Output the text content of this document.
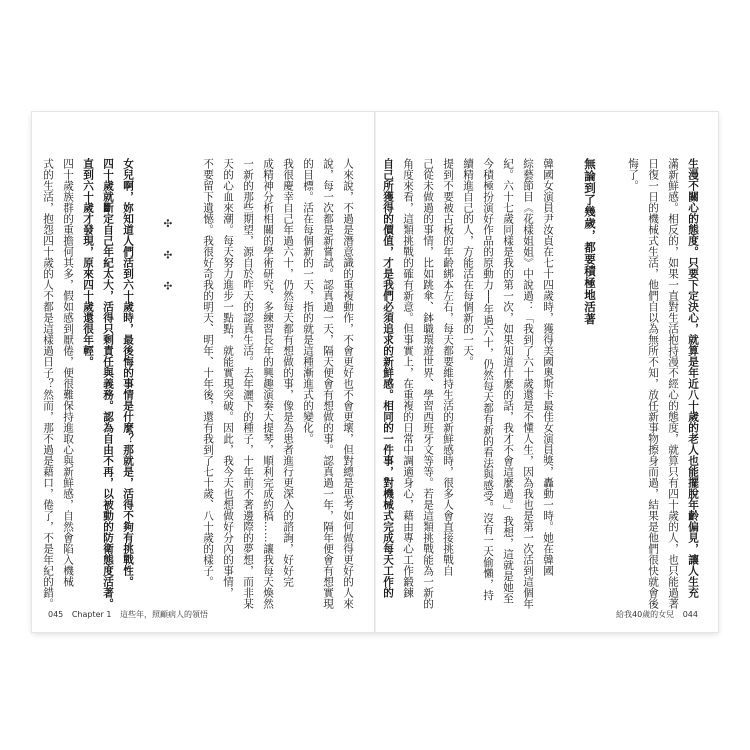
人來說，不過是潛意識的重複動作，不會更好也不會更壞，但對總是思考如何做得更好的人來
說，每一次都是新嘗試。認真過一天，隔天便會有想做的事。認真過一年，隔年便會有想實現
的目標。活在每個新的一天，指的就是這種漸進式的變化。
我很慶幸自己年過六十，仍然每天都有想做的事，像是為患者進行更深入的諮詢，好好完
成精神分析相關的學術研究、多練習長年的興趣演奏大提琴，順利完成約稿……讓我每天煥然
一新的那些期望，源自於昨天的認真生活。去年灑下的種子，十年前不著邊際的夢想，而非某
天的心血來潮。每天努力進步一點點，就能實現突破。因此，我今天也想做好分內的事情，
不要留下遺憾。我很好奇我的明天、明年、十年後，還有我到了七十歲、八十歲的樣子。
✣ ✣ ✣
女兒啊，妳知道人們活到六十歲時，最後悔的事情是什麼？那就是，活得不夠有挑戰性。
四十歲就斷定自己年紀太大，活得只剩責任與義務。認為自由不再，以被動的防衛態度活著。
直到六十歲才發現，原來四十歲還很年輕。
四十歲族群的重擔何其多，假如感到厭倦，便很難保持進取心與新鮮感，自然會陷入機械
式的生活，抱怨四十歲的人不都是這樣過日子？然而，那不過是藉口，倦了，不是年紀的錯。
045 Chapter 1 這些年，照顧病人的領悟
生漫不關心的態度。只要下定決心，就算是年近八十歲的老人也能擺脫年齡偏見，讓人生充
滿新鮮感。相反的，如果一直對生活抱持漫不經心的態度，就算只有四十歲的人，也只能過著
日復一日的機械式生活，他們自以為無所不知，放任新事物擦身而過，結果是他們很快就會後
悔了。
無論到了幾歲，都要積極地活著
韓國女演員尹汝貞在七十四歲時，獲得美國奧斯卡最佳女演員獎，轟動一時。她在韓國
綜藝節目《花樣姐姐》中說過：「我到了六十歲還是不懂人生，因為我也是第一次活到這個年
紀。六十七歲同樣是我的第一次，如果知道什麼的話，我才不會這麼過。」我想，這就是她至
今積極扮演好作品的原動力──年過六十，仍然每天都有新的看法與感受。沒有一天偷懶，持
續精進自己的人，方能活在每個新的一天。
提到不要被古板的年齡綁本左右，每天都要維持生活的新鮮感時，很多人會直接挑戰自
己從未做過的事情，比如跳傘、鉢職環遊世界、學習西班牙文等等。若是這類挑戰能為一新的
角度來看，這類挑戰的確有新意。但事實上，在重複的日常中調適身心，藉由專心工作鍛鍊
自己所獲得的價值，才是我們必須追求的新鮮感。相同的一件事，對機械式完成每天工作的
給我40歲的女兒 044
